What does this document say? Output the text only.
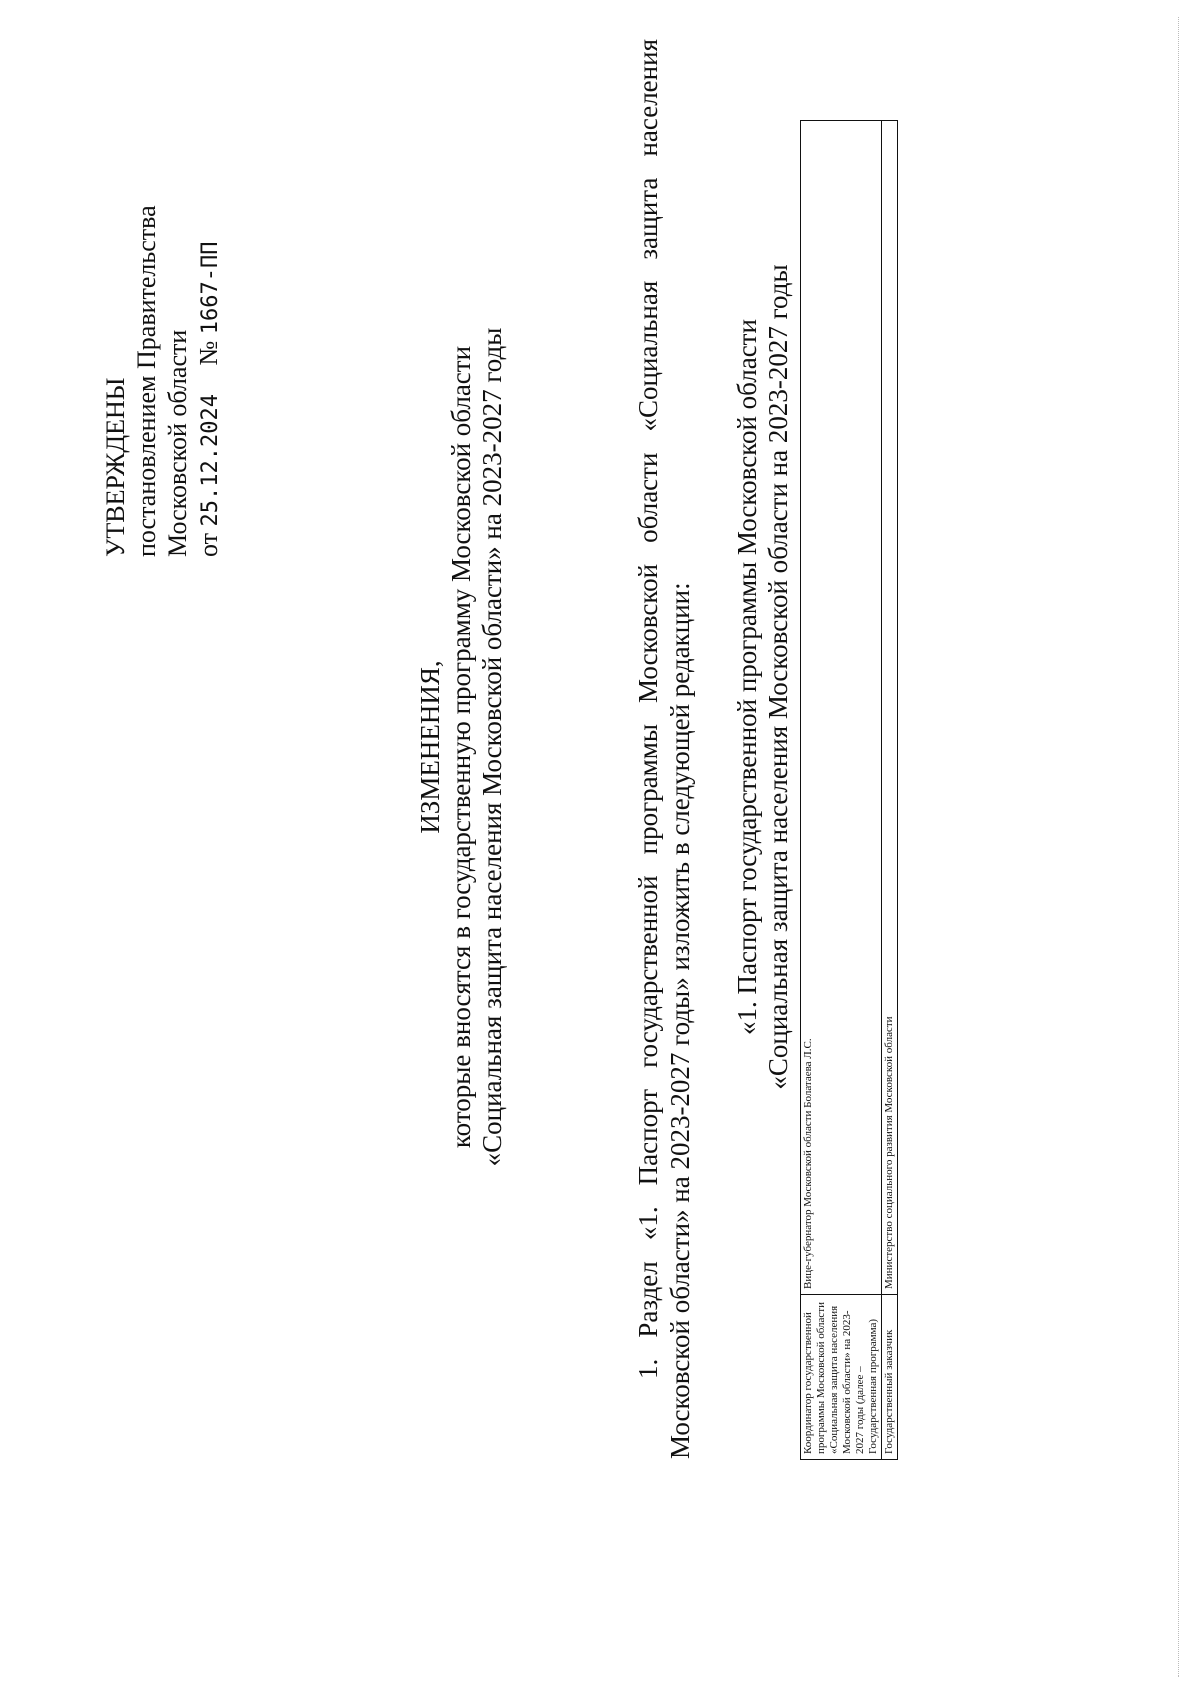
УТВЕРЖДЕНЫ постановлением Правительства Московской области от 25.12.2024 № 1667-ПП
ИЗМЕНЕНИЯ, которые вносятся в государственную программу Московской области «Социальная защита населения Московской области» на 2023-2027 годы	1. Раздел «1. Паспорт государственной программы Московской области «Социальная защита населения Московской области» на 2023-2027 годы» изложить в следующей редакции: «1. Паспорт государственной программы Московской области «Социальная защита населения Московской области на 2023-2027 годы
Координатор государственной программы Московской области «Социальная защита населения Московской области» на 2023-2027 годы (далее – Государственная программа)	Вице-губернатор Московской области Болатаева Л.С.
Государственный заказчик	Министерство социального развития Московской области
